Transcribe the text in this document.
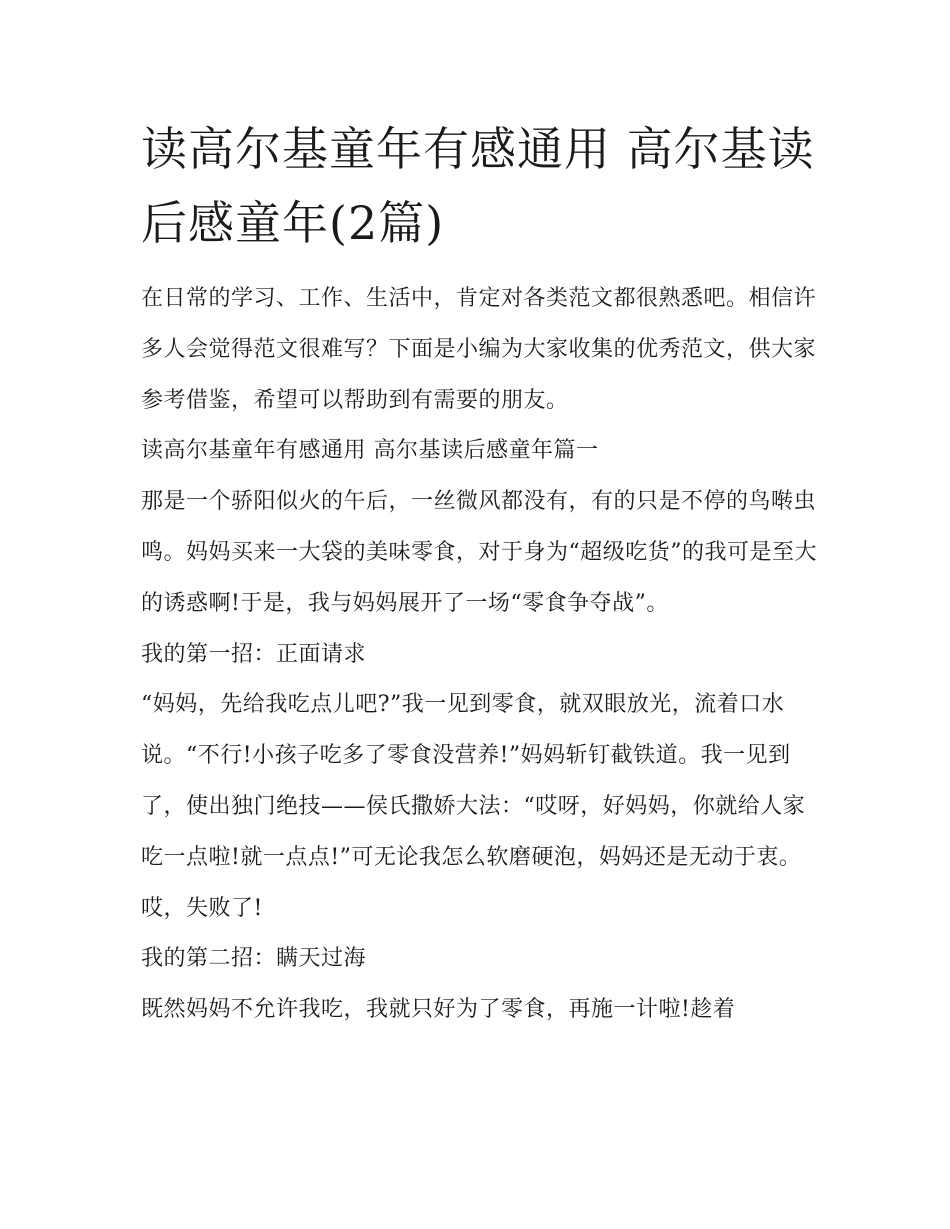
读高尔基童年有感通用 高尔基读后感童年(2篇)

在日常的学习、工作、生活中，肯定对各类范文都很熟悉吧。相信许多人会觉得范文很难写？下面是小编为大家收集的优秀范文，供大家参考借鉴，希望可以帮助到有需要的朋友。

读高尔基童年有感通用 高尔基读后感童年篇一

那是一个骄阳似火的午后，一丝微风都没有，有的只是不停的鸟啭虫鸣。妈妈买来一大袋的美味零食，对于身为“超级吃货”的我可是至大的诱惑啊!于是，我与妈妈展开了一场“零食争夺战”。

我的第一招：正面请求

“妈妈，先给我吃点儿吧?”我一见到零食，就双眼放光，流着口水说。“不行!小孩子吃多了零食没营养!”妈妈斩钉截铁道。我一见到了，使出独门绝技——侯氏撒娇大法：“哎呀，好妈妈，你就给人家吃一点啦!就一点点!”可无论我怎么软磨硬泡，妈妈还是无动于衷。哎，失败了!

我的第二招：瞒天过海

既然妈妈不允许我吃，我就只好为了零食，再施一计啦!趁着
